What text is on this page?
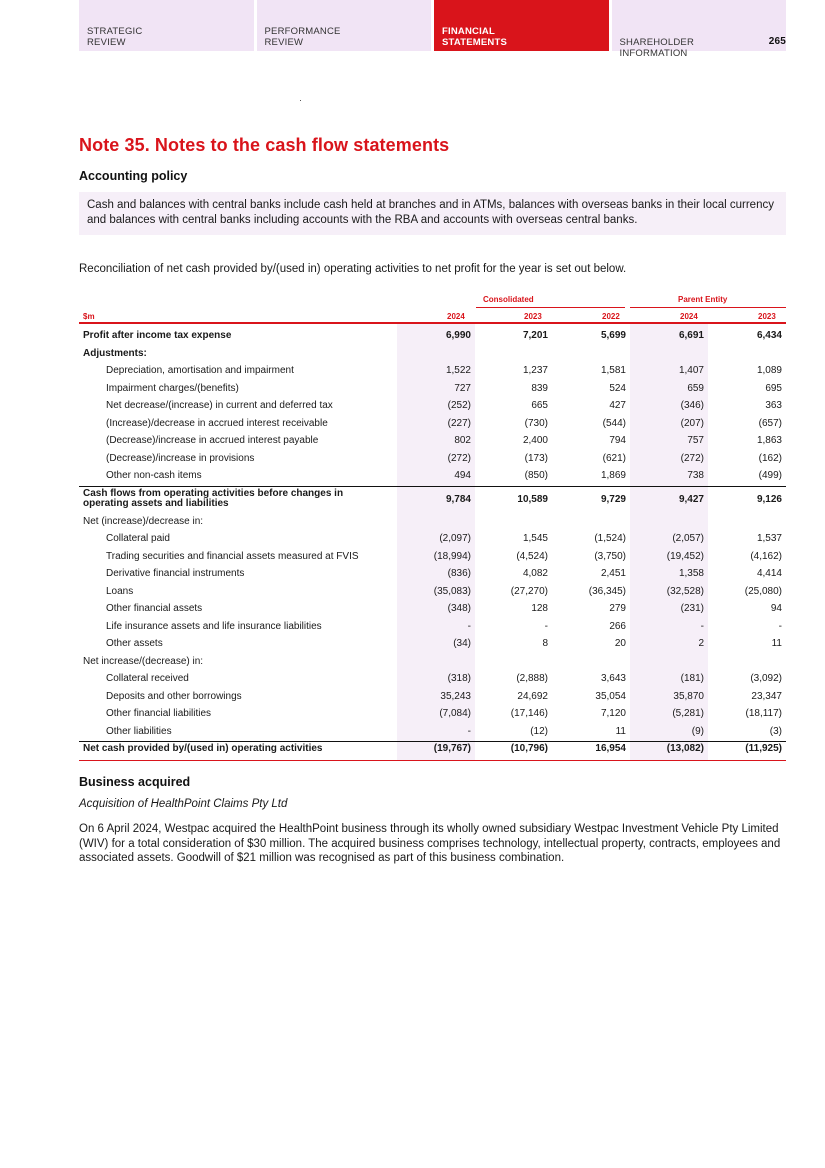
STRATEGIC
REVIEW
PERFORMANCE
REVIEW
FINANCIAL
STATEMENTS	SHAREHOLDER
INFORMATION

265

Note 35. Notes to the cash flow statements
Accounting policy
Cash and balances with central banks include cash held at branches and in ATMs, balances with overseas banks in their local currency and balances with central banks including accounts with the RBA and accounts with overseas central banks.
Reconciliation of net cash provided by/(used in) operating activities to net profit for the year is set out below.
Consolidated	Parent Entity
$m	2024	2023	2022	2024	2023
Profit after income tax expense	6,990	7,201	5,699	6,691	6,434
Adjustments:
Depreciation, amortisation and impairment	1,522	1,237	1,581	1,407	1,089
Impairment charges/(benefits)	727	839	524	659	695
Net decrease/(increase) in current and deferred tax	(252)	665	427	(346)	363
(Increase)/decrease in accrued interest receivable	(227)	(730)	(544)	(207)	(657)
(Decrease)/increase in accrued interest payable	802	2,400	794	757	1,863
(Decrease)/increase in provisions	(272)	(173)	(621)	(272)	(162)
Other non-cash items	494	(850)	1,869	738	(499)
Cash flows from operating activities before changes in
operating assets and liabilities	9,784	10,589	9,729	9,427	9,126
Net (increase)/decrease in:
Collateral paid	(2,097)	1,545	(1,524)	(2,057)	1,537
Trading securities and financial assets measured at FVIS	(18,994)	(4,524)	(3,750)	(19,452)	(4,162)
Derivative financial instruments	(836)	4,082	2,451	1,358	4,414
Loans	(35,083)	(27,270)	(36,345)	(32,528)	(25,080)
Other financial assets	(348)	128	279	(231)	94
Life insurance assets and life insurance liabilities	-	-	266	-	-
Other assets	(34)	8	20	2	11
Net increase/(decrease) in:
Collateral received	(318)	(2,888)	3,643	(181)	(3,092)
Deposits and other borrowings	35,243	24,692	35,054	35,870	23,347
Other financial liabilities	(7,084)	(17,146)	7,120	(5,281)	(18,117)
Other liabilities	-	(12)	11	(9)	(3)
Net cash provided by/(used in) operating activities	(19,767)	(10,796)	16,954	(13,082)	(11,925)
Business acquired
Acquisition of HealthPoint Claims Pty Ltd
On 6 April 2024, Westpac acquired the HealthPoint business through its wholly owned subsidiary Westpac Investment Vehicle Pty Limited (WIV) for a total consideration of $30 million. The acquired business comprises technology, intellectual property, contracts, employees and associated assets. Goodwill of $21 million was recognised as part of this business combination.
